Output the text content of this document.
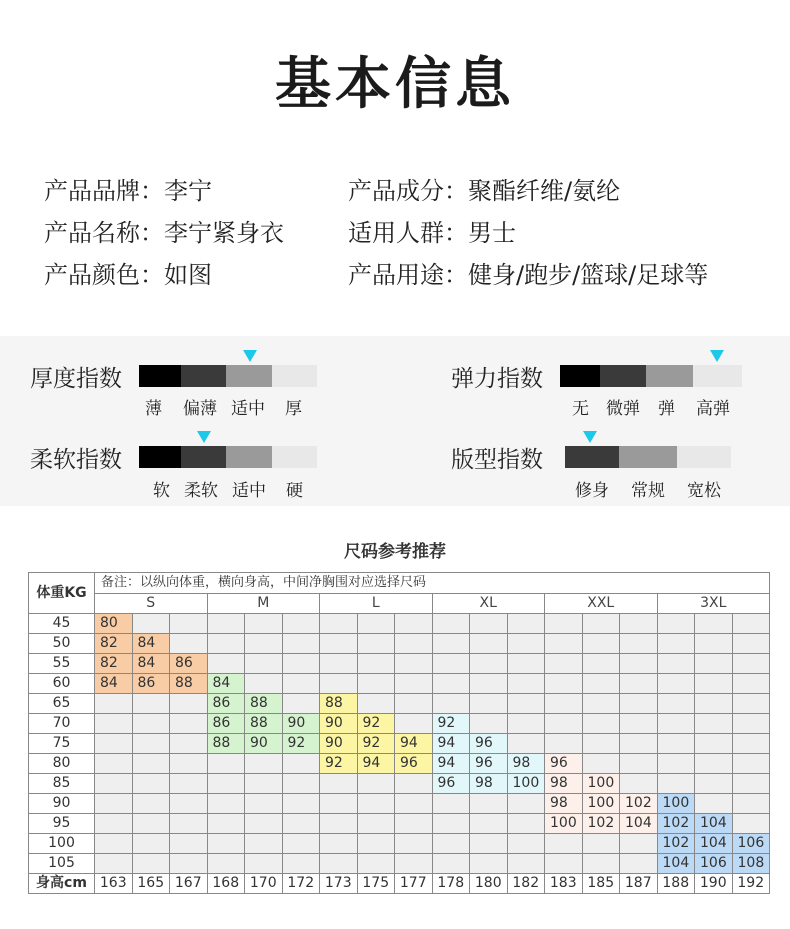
基本信息
产品品牌：李宁
产品名称：李宁紧身衣
产品颜色：如图
产品成分：聚酯纤维/氨纶
适用人群：男士
产品用途：健身/跑步/篮球/足球等
厚度指数
薄 偏薄 适中 厚
弹力指数
无 微弹 弹 高弹
柔软指数
软 柔软 适中 硬
版型指数
修身 常规 宽松
尺码参考推荐
体重KG	备注：以纵向体重，横向身高，中间净胸围对应选择尺码																	
	S			M			L			XL			XXL			3XL		
45	80																	
50	82	84																
55	82	84	86															
60	84	86	88	84														
65				86	88		88											
70				86	88	90	90	92		92								
75				88	90	92	90	92	94	94	96							
80							92	94	96	94	96	98	96					
85										96	98	100	98	100				
90													98	100	102	100		
95													100	102	104	102	104	
100																102	104	106
105																104	106	108
身高cm	163	165	167	168	170	172	173	175	177	178	180	182	183	185	187	188	190	192
